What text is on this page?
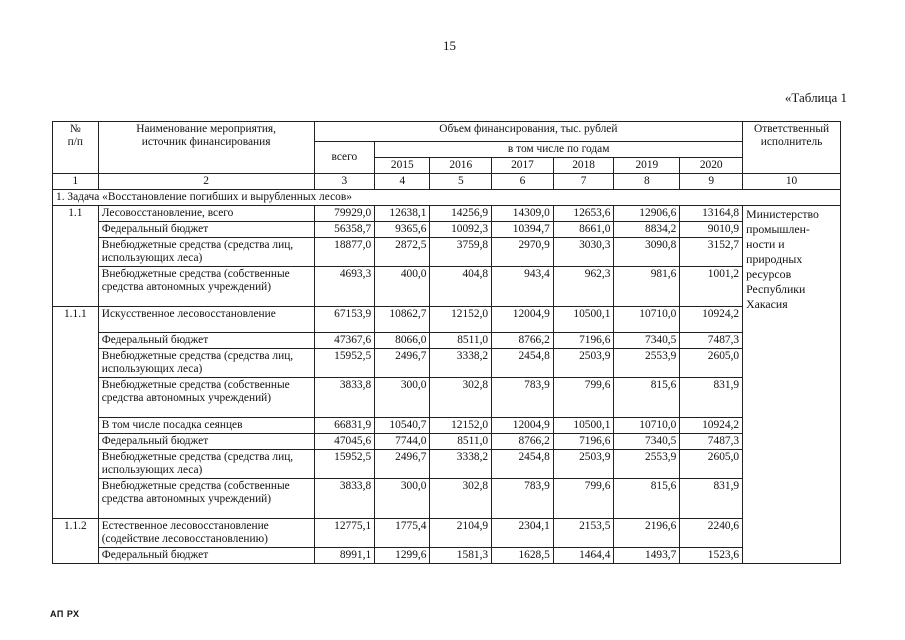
15
«Таблица 1
№
п/п	Наименование мероприятия,
источник финансирования	Объем финансирования, тыс. рублей							Ответственный
исполнитель
		всего	в том числе по годам						
			2015	2016	2017	2018	2019	2020	
1	2	3	4	5	6	7	8	9	10
1. Задача «Восстановление погибших и вырубленных лесов»									
1.1	Лесовосстановление, всего	79929,0	12638,1	14256,9	14309,0	12653,6	12906,6	13164,8	Министерство промышлен-ности и природных ресурсов Республики Хакасия
	Федеральный бюджет	56358,7	9365,6	10092,3	10394,7	8661,0	8834,2	9010,9	
	Внебюджетные средства (средства лиц, использующих леса)	18877,0	2872,5	3759,8	2970,9	3030,3	3090,8	3152,7	
	Внебюджетные средства (собственные средства автономных учреждений)	4693,3	400,0	404,8	943,4	962,3	981,6	1001,2	
1.1.1	Искусственное лесовосстановление	67153,9	10862,7	12152,0	12004,9	10500,1	10710,0	10924,2	
	Федеральный бюджет	47367,6	8066,0	8511,0	8766,2	7196,6	7340,5	7487,3	
	Внебюджетные средства (средства лиц, использующих леса)	15952,5	2496,7	3338,2	2454,8	2503,9	2553,9	2605,0	
	Внебюджетные средства (собственные средства автономных учреждений)	3833,8	300,0	302,8	783,9	799,6	815,6	831,9	
	В том числе посадка сеянцев	66831,9	10540,7	12152,0	12004,9	10500,1	10710,0	10924,2	
	Федеральный бюджет	47045,6	7744,0	8511,0	8766,2	7196,6	7340,5	7487,3	
	Внебюджетные средства (средства лиц, использующих леса)	15952,5	2496,7	3338,2	2454,8	2503,9	2553,9	2605,0	
	Внебюджетные средства (собственные средства автономных учреждений)	3833,8	300,0	302,8	783,9	799,6	815,6	831,9	
1.1.2	Естественное лесовосстановление (содействие лесовосстановлению)	12775,1	1775,4	2104,9	2304,1	2153,5	2196,6	2240,6	
	Федеральный бюджет	8991,1	1299,6	1581,3	1628,5	1464,4	1493,7	1523,6	
АП РХ
